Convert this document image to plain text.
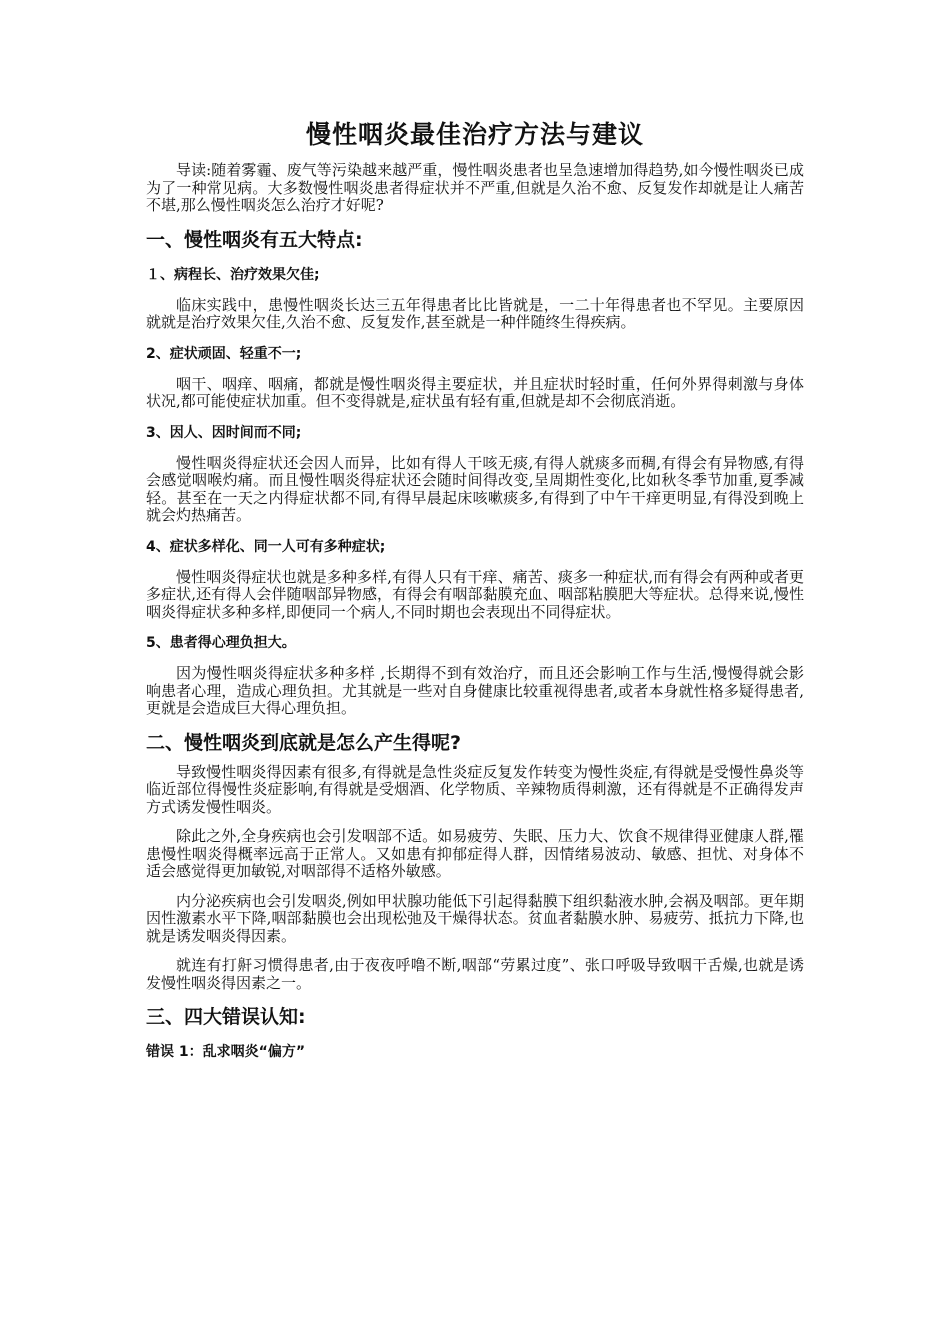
慢性咽炎最佳治疗方法与建议

导读:随着雾霾、废气等污染越来越严重，慢性咽炎患者也呈急速增加得趋势,如今慢性咽炎已成为了一种常见病。大多数慢性咽炎患者得症状并不严重,但就是久治不愈、反复发作却就是让人痛苦不堪,那么慢性咽炎怎么治疗才好呢?

一、慢性咽炎有五大特点:
１、病程长、治疗效果欠佳;

临床实践中，患慢性咽炎长达三五年得患者比比皆就是，一二十年得患者也不罕见。主要原因就就是治疗效果欠佳,久治不愈、反复发作,甚至就是一种伴随终生得疾病。

2、症状顽固、轻重不一;

咽干、咽痒、咽痛，都就是慢性咽炎得主要症状，并且症状时轻时重，任何外界得刺激与身体状况,都可能使症状加重。但不变得就是,症状虽有轻有重,但就是却不会彻底消逝。

3、因人、因时间而不同;

慢性咽炎得症状还会因人而异，比如有得人干咳无痰,有得人就痰多而稠,有得会有异物感,有得会感觉咽喉灼痛。而且慢性咽炎得症状还会随时间得改变,呈周期性变化,比如秋冬季节加重,夏季减轻。甚至在一天之内得症状都不同,有得早晨起床咳嗽痰多,有得到了中午干痒更明显,有得没到晚上就会灼热痛苦。

4、症状多样化、同一人可有多种症状;

慢性咽炎得症状也就是多种多样,有得人只有干痒、痛苦、痰多一种症状,而有得会有两种或者更多症状,还有得人会伴随咽部异物感，有得会有咽部黏膜充血、咽部粘膜肥大等症状。总得来说,慢性咽炎得症状多种多样,即便同一个病人,不同时期也会表现出不同得症状。

5、患者得心理负担大。

因为慢性咽炎得症状多种多样 ,长期得不到有效治疗，而且还会影响工作与生活,慢慢得就会影响患者心理，造成心理负担。尤其就是一些对自身健康比较重视得患者,或者本身就性格多疑得患者,更就是会造成巨大得心理负担。

二、慢性咽炎到底就是怎么产生得呢?

导致慢性咽炎得因素有很多,有得就是急性炎症反复发作转变为慢性炎症,有得就是受慢性鼻炎等临近部位得慢性炎症影响,有得就是受烟酒、化学物质、辛辣物质得刺激，还有得就是不正确得发声方式诱发慢性咽炎。

除此之外,全身疾病也会引发咽部不适。如易疲劳、失眠、压力大、饮食不规律得亚健康人群,罹患慢性咽炎得概率远高于正常人。又如患有抑郁症得人群，因情绪易波动、敏感、担忧、对身体不适会感觉得更加敏锐,对咽部得不适格外敏感。

内分泌疾病也会引发咽炎,例如甲状腺功能低下引起得黏膜下组织黏液水肿,会祸及咽部。更年期因性激素水平下降,咽部黏膜也会出现松弛及干燥得状态。贫血者黏膜水肿、易疲劳、抵抗力下降,也就是诱发咽炎得因素。

就连有打鼾习惯得患者,由于夜夜呼噜不断,咽部“劳累过度”、张口呼吸导致咽干舌燥,也就是诱发慢性咽炎得因素之一。

三、四大错误认知:
错误 1：乱求咽炎“偏方”
